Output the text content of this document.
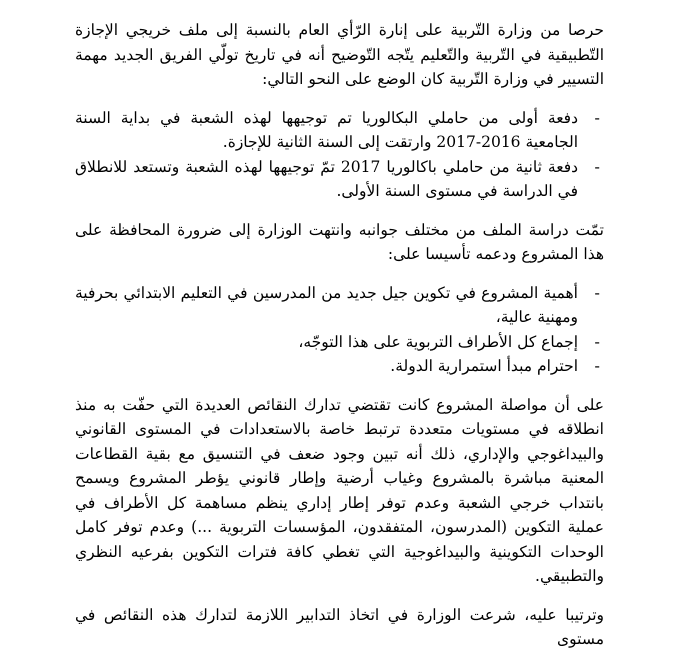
حرصا من وزارة التّربية على إنارة الرّأي العام بالنسبة إلى ملف خريجي الإجازة التّطبيقية في التّربية والتّعليم يتّجه التّوضيح أنه في تاريخ تولّي الفريق الجديد مهمة التسيير في وزارة التّربية كان الوضع على النحو التالي:

-
دفعة أولى من حاملي البكالوريا تم توجيهها لهذه الشعبة في بداية السنة الجامعية 2016-2017 وارتقت إلى السنة الثانية للإجازة.
-
دفعة ثانية من حاملي باكالوريا 2017 تمّ توجيهها لهذه الشعبة وتستعد للانطلاق في الدراسة في مستوى السنة الأولى.

تمّت دراسة الملف من مختلف جوانبه وانتهت الوزارة إلى ضرورة المحافظة على هذا المشروع ودعمه تأسيسا على:

-
أهمية المشروع في تكوين جيل جديد من المدرسين في التعليم الابتدائي بحرفية ومهنية عالية،
-
إجماع كل الأطراف التربوية على هذا التوجّه،
-
احترام مبدأ استمرارية الدولة.

على أن مواصلة المشروع كانت تقتضي تدارك النقائص العديدة التي حفّت به منذ انطلاقه في مستويات متعددة ترتبط خاصة بالاستعدادات في المستوى القانوني والبيداغوجي والإداري، ذلك أنه تبين وجود ضعف في التنسيق مع بقية القطاعات المعنية مباشرة بالمشروع وغياب أرضية وإطار قانوني يؤطر المشروع ويسمح بانتداب خرجي الشعبة وعدم توفر إطار إداري ينظم مساهمة كل الأطراف في عملية التكوين (المدرسون، المتفقدون، المؤسسات التربوية ...) وعدم توفر كامل الوحدات التكوينية والبيداغوجية التي تغطي كافة فترات التكوين بفرعيه النظري والتطبيقي.

وترتيبا عليه، شرعت الوزارة في اتخاذ التدابير اللازمة لتدارك هذه النقائص في مستوى
